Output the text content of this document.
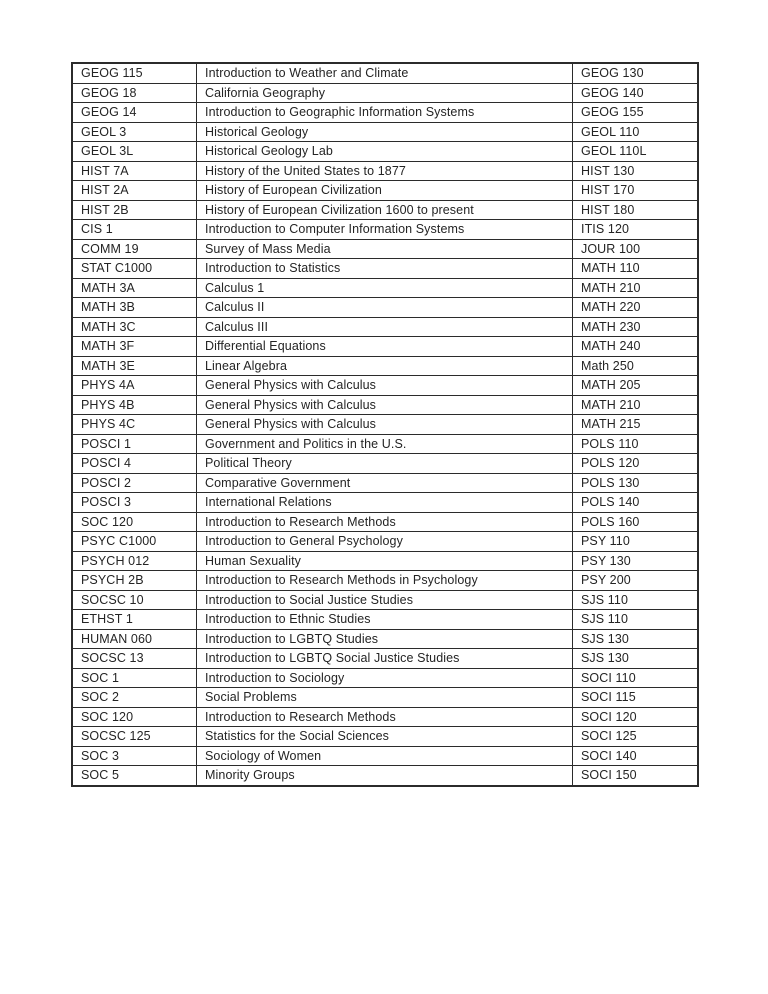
GEOG 115	Introduction to Weather and Climate	GEOG 130
GEOG 18	California Geography	GEOG 140
GEOG 14	Introduction to Geographic Information Systems	GEOG 155
GEOL 3	Historical Geology	GEOL 110
GEOL 3L	Historical Geology Lab	GEOL 110L
HIST 7A	History of the United States to 1877	HIST 130
HIST 2A	History of European Civilization	HIST 170
HIST 2B	History of European Civilization 1600 to present	HIST 180
CIS 1	Introduction to Computer Information Systems	ITIS 120
COMM 19	Survey of Mass Media	JOUR 100
STAT C1000	Introduction to Statistics	MATH 110
MATH 3A	Calculus 1	MATH 210
MATH 3B	Calculus II	MATH 220
MATH 3C	Calculus III	MATH 230
MATH 3F	Differential Equations	MATH 240
MATH 3E	Linear Algebra	Math 250
PHYS 4A	General Physics with Calculus	MATH 205
PHYS 4B	General Physics with Calculus	MATH 210
PHYS 4C	General Physics with Calculus	MATH 215
POSCI 1	Government and Politics in the U.S.	POLS 110
POSCI 4	Political Theory	POLS 120
POSCI 2	Comparative Government	POLS 130
POSCI 3	International Relations	POLS 140
SOC 120	Introduction to Research Methods	POLS 160
PSYC C1000	Introduction to General Psychology	PSY 110
PSYCH 012	Human Sexuality	PSY 130
PSYCH 2B	Introduction to Research Methods in Psychology	PSY 200
SOCSC 10	Introduction to Social Justice Studies	SJS 110
ETHST 1	Introduction to Ethnic Studies	SJS 110
HUMAN 060	Introduction to LGBTQ Studies	SJS 130
SOCSC 13	Introduction to LGBTQ Social Justice Studies	SJS 130
SOC 1	Introduction to Sociology	SOCI 110
SOC 2	Social Problems	SOCI 115
SOC 120	Introduction to Research Methods	SOCI 120
SOCSC 125	Statistics for the Social Sciences	SOCI 125
SOC 3	Sociology of Women	SOCI 140
SOC 5	Minority Groups	SOCI 150
